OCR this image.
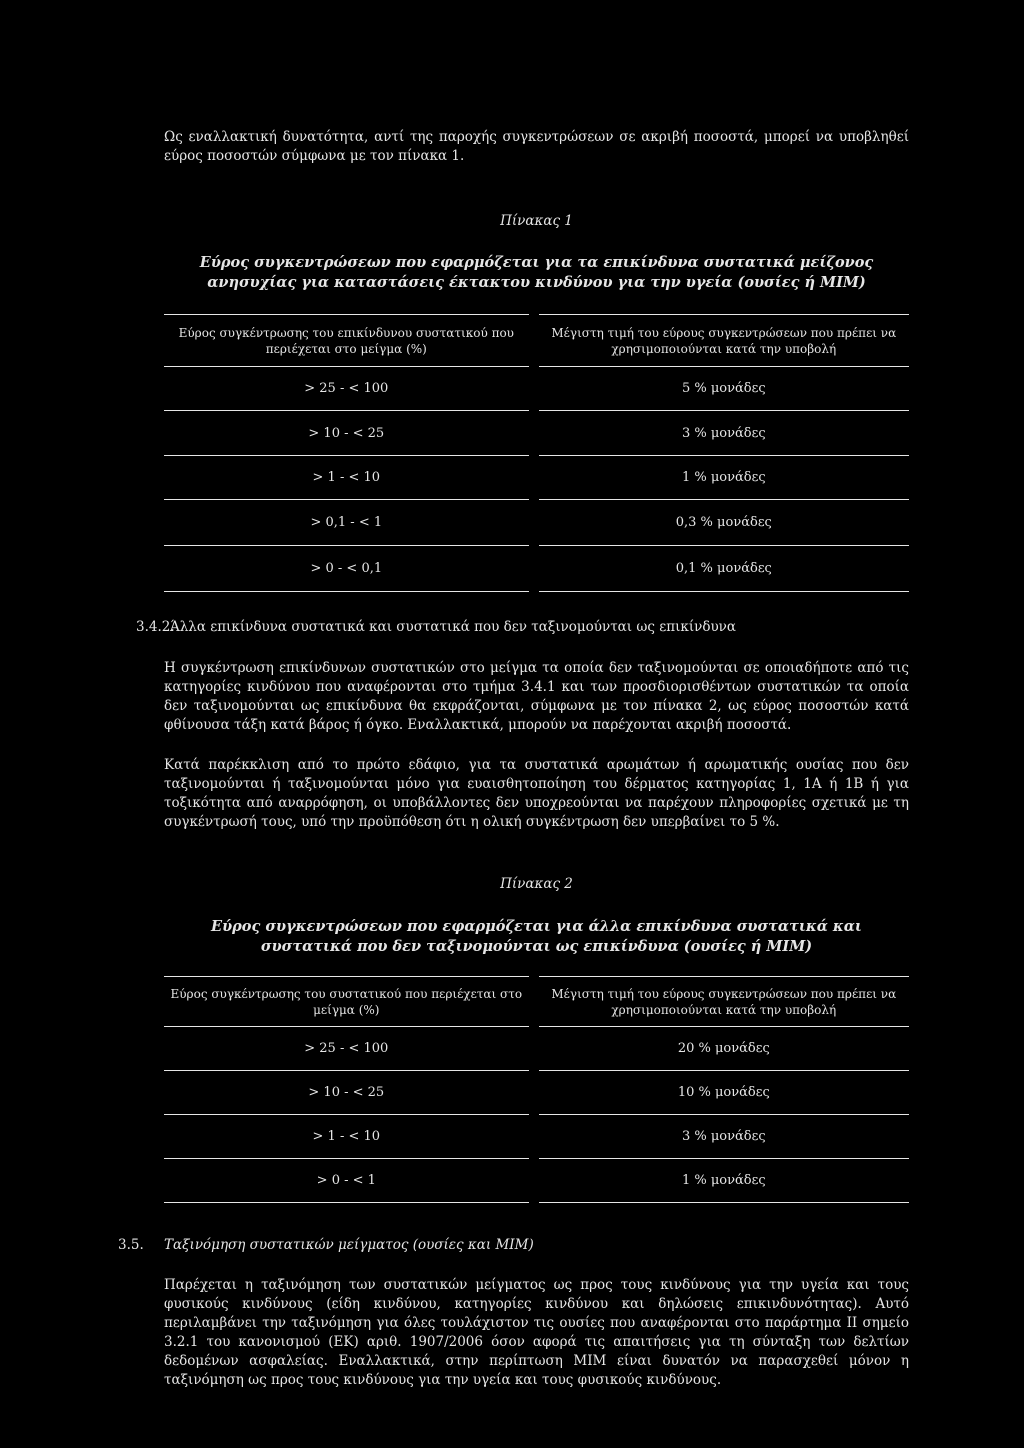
Ως εναλλακτική δυνατότητα, αντί της παροχής συγκεντρώσεων σε ακριβή ποσοστά, μπορεί να υποβληθεί εύρος ποσοστών σύμφωνα με τον πίνακα 1.

Πίνακας 1

Εύρος συγκεντρώσεων που εφαρμόζεται για τα επικίνδυνα συστατικά μείζονος ανησυχίας για καταστάσεις έκτακτου κινδύνου για την υγεία (ουσίες ή ΜΙΜ)

Εύρος συγκέντρωσης του επικίνδυνου συστατικού που περιέχεται στο μείγμα (%)	Μέγιστη τιμή του εύρους συγκεντρώσεων που πρέπει να χρησιμοποιούνται κατά την υποβολή
> 25 - < 100	5 % μονάδες
> 10 - < 25	3 % μονάδες
> 1 - < 10	1 % μονάδες
> 0,1 - < 1	0,3 % μονάδες
> 0 - < 0,1	0,1 % μονάδες

3.4.2.Άλλα επικίνδυνα συστατικά και συστατικά που δεν ταξινομούνται ως επικίνδυνα

Η συγκέντρωση επικίνδυνων συστατικών στο μείγμα τα οποία δεν ταξινομούνται σε οποιαδήποτε από τις κατηγορίες κινδύνου που αναφέρονται στο τμήμα 3.4.1 και των προσδιορισθέντων συστατικών τα οποία δεν ταξινομούνται ως επικίνδυνα θα εκφράζονται, σύμφωνα με τον πίνακα 2, ως εύρος ποσοστών κατά φθίνουσα τάξη κατά βάρος ή όγκο. Εναλλακτικά, μπορούν να παρέχονται ακριβή ποσοστά.

Κατά παρέκκλιση από το πρώτο εδάφιο, για τα συστατικά αρωμάτων ή αρωματικής ουσίας που δεν ταξινομούνται ή ταξινομούνται μόνο για ευαισθητοποίηση του δέρματος κατηγορίας 1, 1A ή 1B ή για τοξικότητα από αναρρόφηση, οι υποβάλλοντες δεν υποχρεούνται να παρέχουν πληροφορίες σχετικά με τη συγκέντρωσή τους, υπό την προϋπόθεση ότι η ολική συγκέντρωση δεν υπερβαίνει το 5 %.

Πίνακας 2

Εύρος συγκεντρώσεων που εφαρμόζεται για άλλα επικίνδυνα συστατικά και συστατικά που δεν ταξινομούνται ως επικίνδυνα (ουσίες ή ΜΙΜ)

Εύρος συγκέντρωσης του συστατικού που περιέχεται στο μείγμα (%)	Μέγιστη τιμή του εύρους συγκεντρώσεων που πρέπει να χρησιμοποιούνται κατά την υποβολή
> 25 - < 100	20 % μονάδες
> 10 - < 25	10 % μονάδες
> 1 - < 10	3 % μονάδες
> 0 - < 1	1 % μονάδες

3.5. Ταξινόμηση συστατικών μείγματος (ουσίες και ΜΙΜ)

Παρέχεται η ταξινόμηση των συστατικών μείγματος ως προς τους κινδύνους για την υγεία και τους φυσικούς κινδύνους (είδη κινδύνου, κατηγορίες κινδύνου και δηλώσεις επικινδυνότητας). Αυτό περιλαμβάνει την ταξινόμηση για όλες τουλάχιστον τις ουσίες που αναφέρονται στο παράρτημα ΙΙ σημείο 3.2.1 του κανονισμού (ΕΚ) αριθ. 1907/2006 όσον αφορά τις απαιτήσεις για τη σύνταξη των δελτίων δεδομένων ασφαλείας. Εναλλακτικά, στην περίπτωση ΜΙΜ είναι δυνατόν να παρασχεθεί μόνον η ταξινόμηση ως προς τους κινδύνους για την υγεία και τους φυσικούς κινδύνους.
